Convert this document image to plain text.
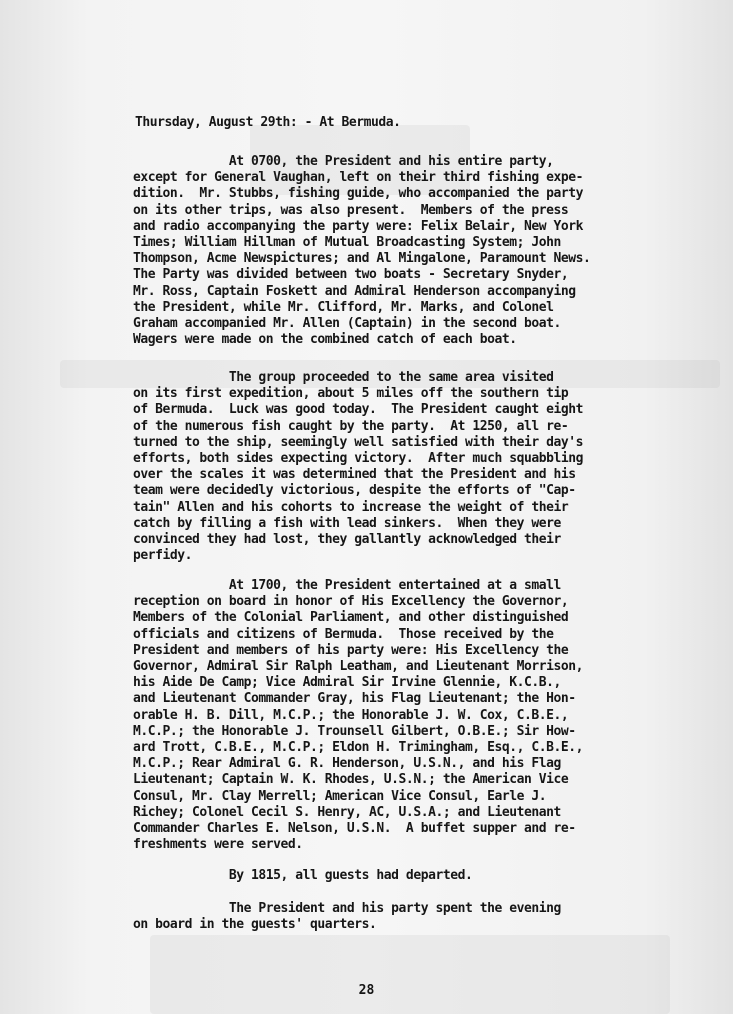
Thursday, August 29th: - At Bermuda.
At 0700, the President and his entire party,
except for General Vaughan, left on their third fishing expe-
dition.  Mr. Stubbs, fishing guide, who accompanied the party
on its other trips, was also present.  Members of the press
and radio accompanying the party were: Felix Belair, New York
Times; William Hillman of Mutual Broadcasting System; John
Thompson, Acme Newspictures; and Al Mingalone, Paramount News.
The Party was divided between two boats - Secretary Snyder,
Mr. Ross, Captain Foskett and Admiral Henderson accompanying
the President, while Mr. Clifford, Mr. Marks, and Colonel
Graham accompanied Mr. Allen (Captain) in the second boat.
Wagers were made on the combined catch of each boat.
The group proceeded to the same area visited
on its first expedition, about 5 miles off the southern tip
of Bermuda.  Luck was good today.  The President caught eight
of the numerous fish caught by the party.  At 1250, all re-
turned to the ship, seemingly well satisfied with their day's
efforts, both sides expecting victory.  After much squabbling
over the scales it was determined that the President and his
team were decidedly victorious, despite the efforts of "Cap-
tain" Allen and his cohorts to increase the weight of their
catch by filling a fish with lead sinkers.  When they were
convinced they had lost, they gallantly acknowledged their
perfidy.
At 1700, the President entertained at a small
reception on board in honor of His Excellency the Governor,
Members of the Colonial Parliament, and other distinguished
officials and citizens of Bermuda.  Those received by the
President and members of his party were: His Excellency the
Governor, Admiral Sir Ralph Leatham, and Lieutenant Morrison,
his Aide De Camp; Vice Admiral Sir Irvine Glennie, K.C.B.,
and Lieutenant Commander Gray, his Flag Lieutenant; the Hon-
orable H. B. Dill, M.C.P.; the Honorable J. W. Cox, C.B.E.,
M.C.P.; the Honorable J. Trounsell Gilbert, O.B.E.; Sir How-
ard Trott, C.B.E., M.C.P.; Eldon H. Trimingham, Esq., C.B.E.,
M.C.P.; Rear Admiral G. R. Henderson, U.S.N., and his Flag
Lieutenant; Captain W. K. Rhodes, U.S.N.; the American Vice
Consul, Mr. Clay Merrell; American Vice Consul, Earle J.
Richey; Colonel Cecil S. Henry, AC, U.S.A.; and Lieutenant
Commander Charles E. Nelson, U.S.N.  A buffet supper and re-
freshments were served.
By 1815, all guests had departed.
The President and his party spent the evening
on board in the guests' quarters.
28
